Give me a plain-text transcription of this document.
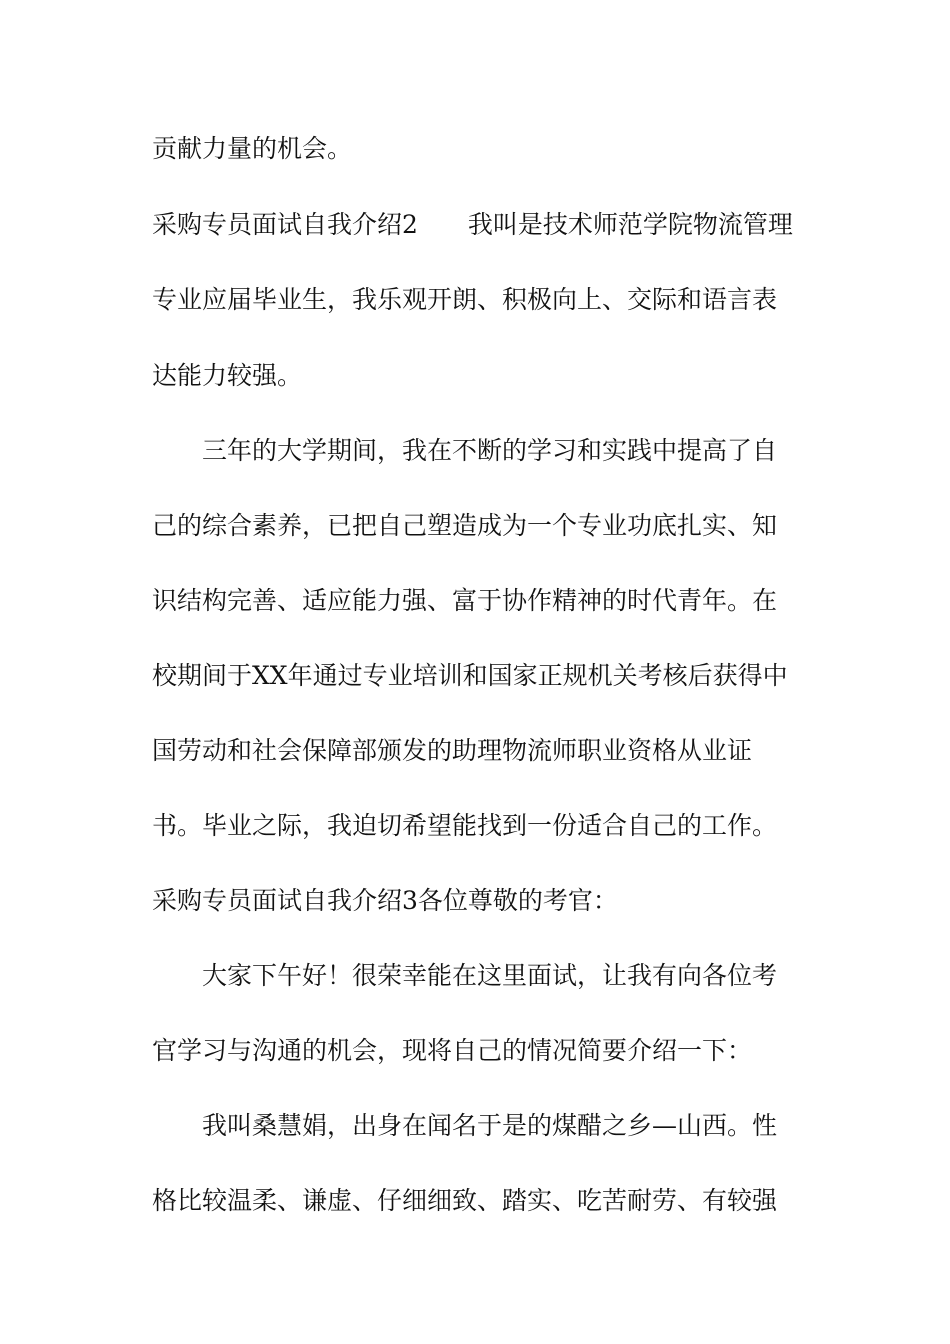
贡献力量的机会。

采购专员面试自我介绍2　　我叫是技术师范学院物流管理

专业应届毕业生，我乐观开朗、积极向上、交际和语言表

达能力较强。

三年的大学期间，我在不断的学习和实践中提高了自

己的综合素养，已把自己塑造成为一个专业功底扎实、知

识结构完善、适应能力强、富于协作精神的时代青年。在

校期间于XX年通过专业培训和国家正规机关考核后获得中

国劳动和社会保障部颁发的助理物流师职业资格从业证

书。毕业之际，我迫切希望能找到一份适合自己的工作。

采购专员面试自我介绍3各位尊敬的考官：

大家下午好！很荣幸能在这里面试，让我有向各位考

官学习与沟通的机会，现将自己的情况简要介绍一下：

我叫桑慧娟，出身在闻名于是的煤醋之乡—山西。性

格比较温柔、谦虚、仔细细致、踏实、吃苦耐劳、有较强
